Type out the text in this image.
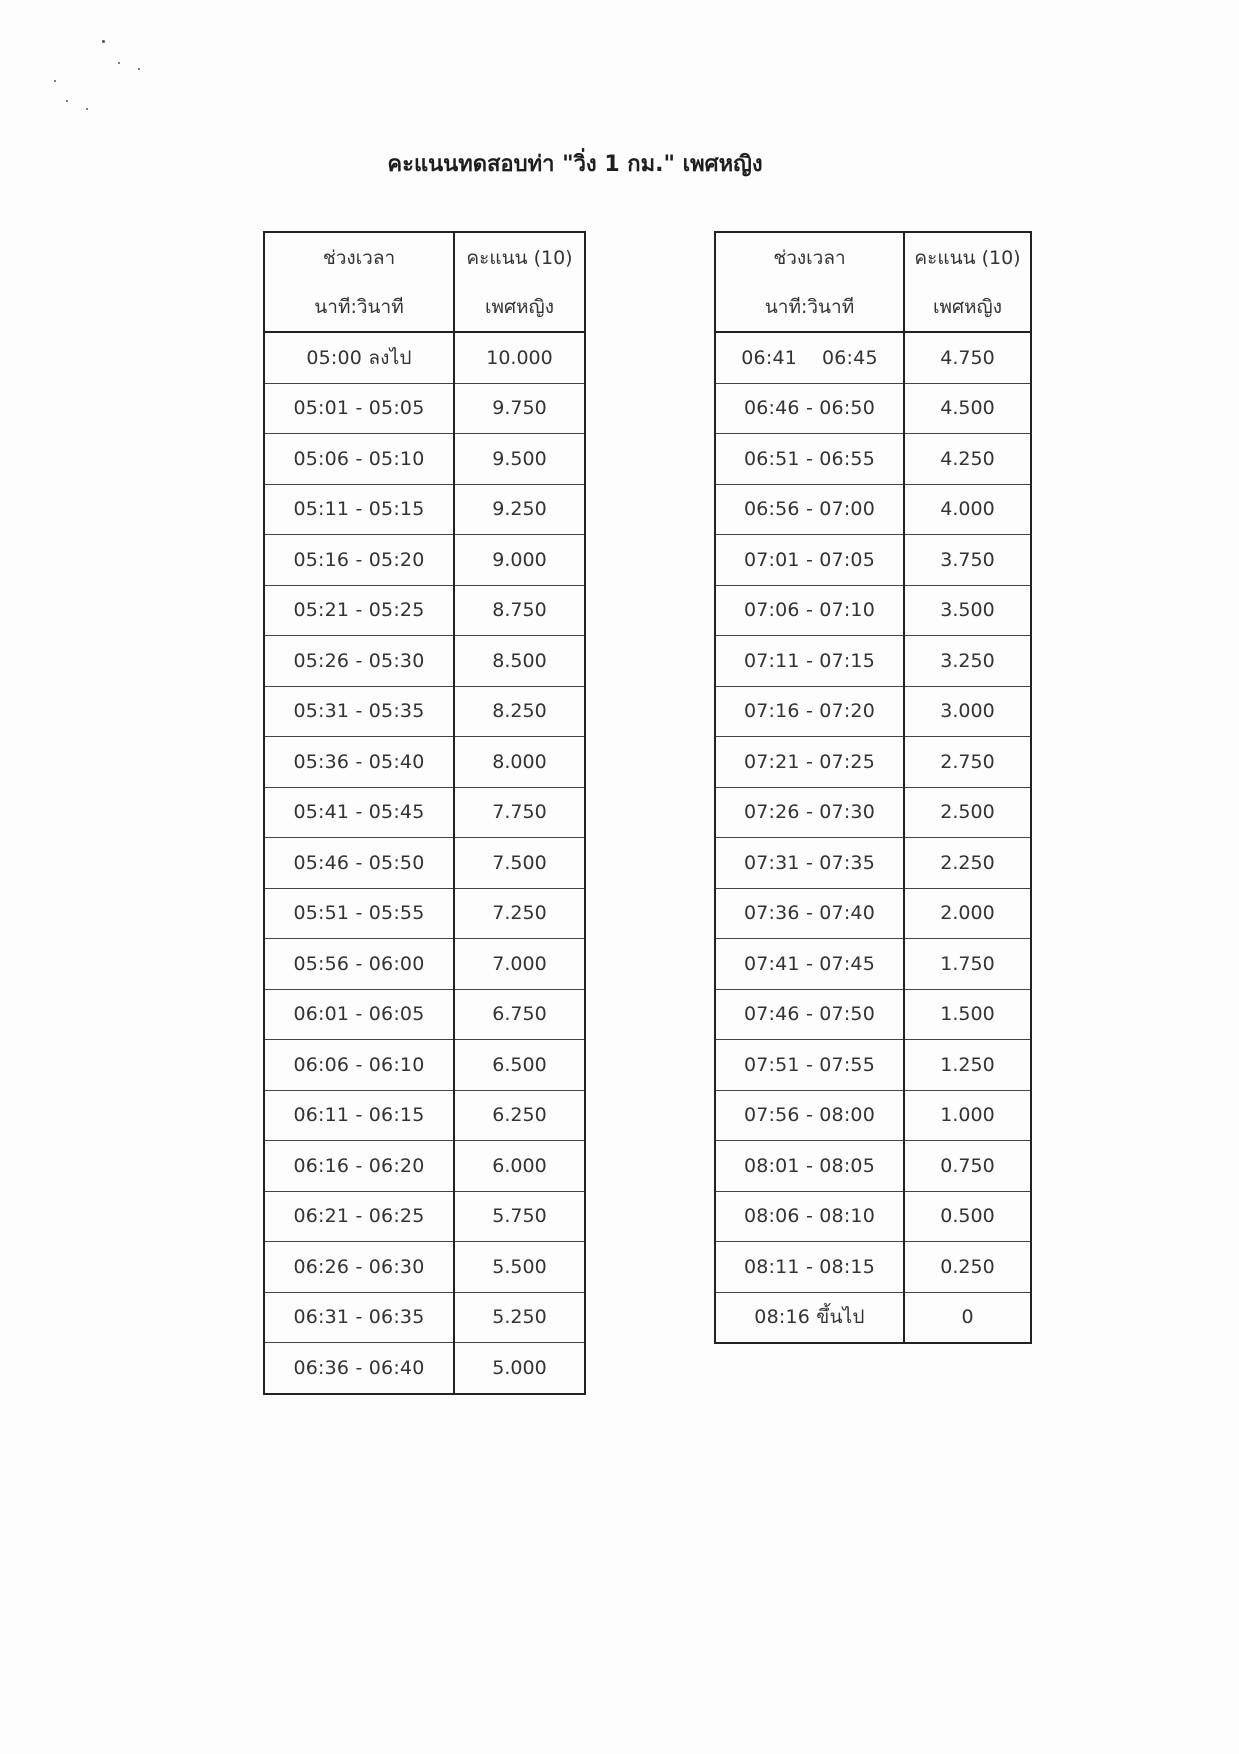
คะแนนทดสอบท่า "วิ่ง 1 กม." เพศหญิง
ช่วงเวลา	คะแนน (10)
นาที:วินาที	เพศหญิง
05:00 ลงไป	10.000
05:01 - 05:05	9.750
05:06 - 05:10	9.500
05:11 - 05:15	9.250
05:16 - 05:20	9.000
05:21 - 05:25	8.750
05:26 - 05:30	8.500
05:31 - 05:35	8.250
05:36 - 05:40	8.000
05:41 - 05:45	7.750
05:46 - 05:50	7.500
05:51 - 05:55	7.250
05:56 - 06:00	7.000
06:01 - 06:05	6.750
06:06 - 06:10	6.500
06:11 - 06:15	6.250
06:16 - 06:20	6.000
06:21 - 06:25	5.750
06:26 - 06:30	5.500
06:31 - 06:35	5.250
06:36 - 06:40	5.000
ช่วงเวลา	คะแนน (10)
นาที:วินาที	เพศหญิง
06:41    06:45	4.750
06:46 - 06:50	4.500
06:51 - 06:55	4.250
06:56 - 07:00	4.000
07:01 - 07:05	3.750
07:06 - 07:10	3.500
07:11 - 07:15	3.250
07:16 - 07:20	3.000
07:21 - 07:25	2.750
07:26 - 07:30	2.500
07:31 - 07:35	2.250
07:36 - 07:40	2.000
07:41 - 07:45	1.750
07:46 - 07:50	1.500
07:51 - 07:55	1.250
07:56 - 08:00	1.000
08:01 - 08:05	0.750
08:06 - 08:10	0.500
08:11 - 08:15	0.250
08:16 ขึ้นไป	0
